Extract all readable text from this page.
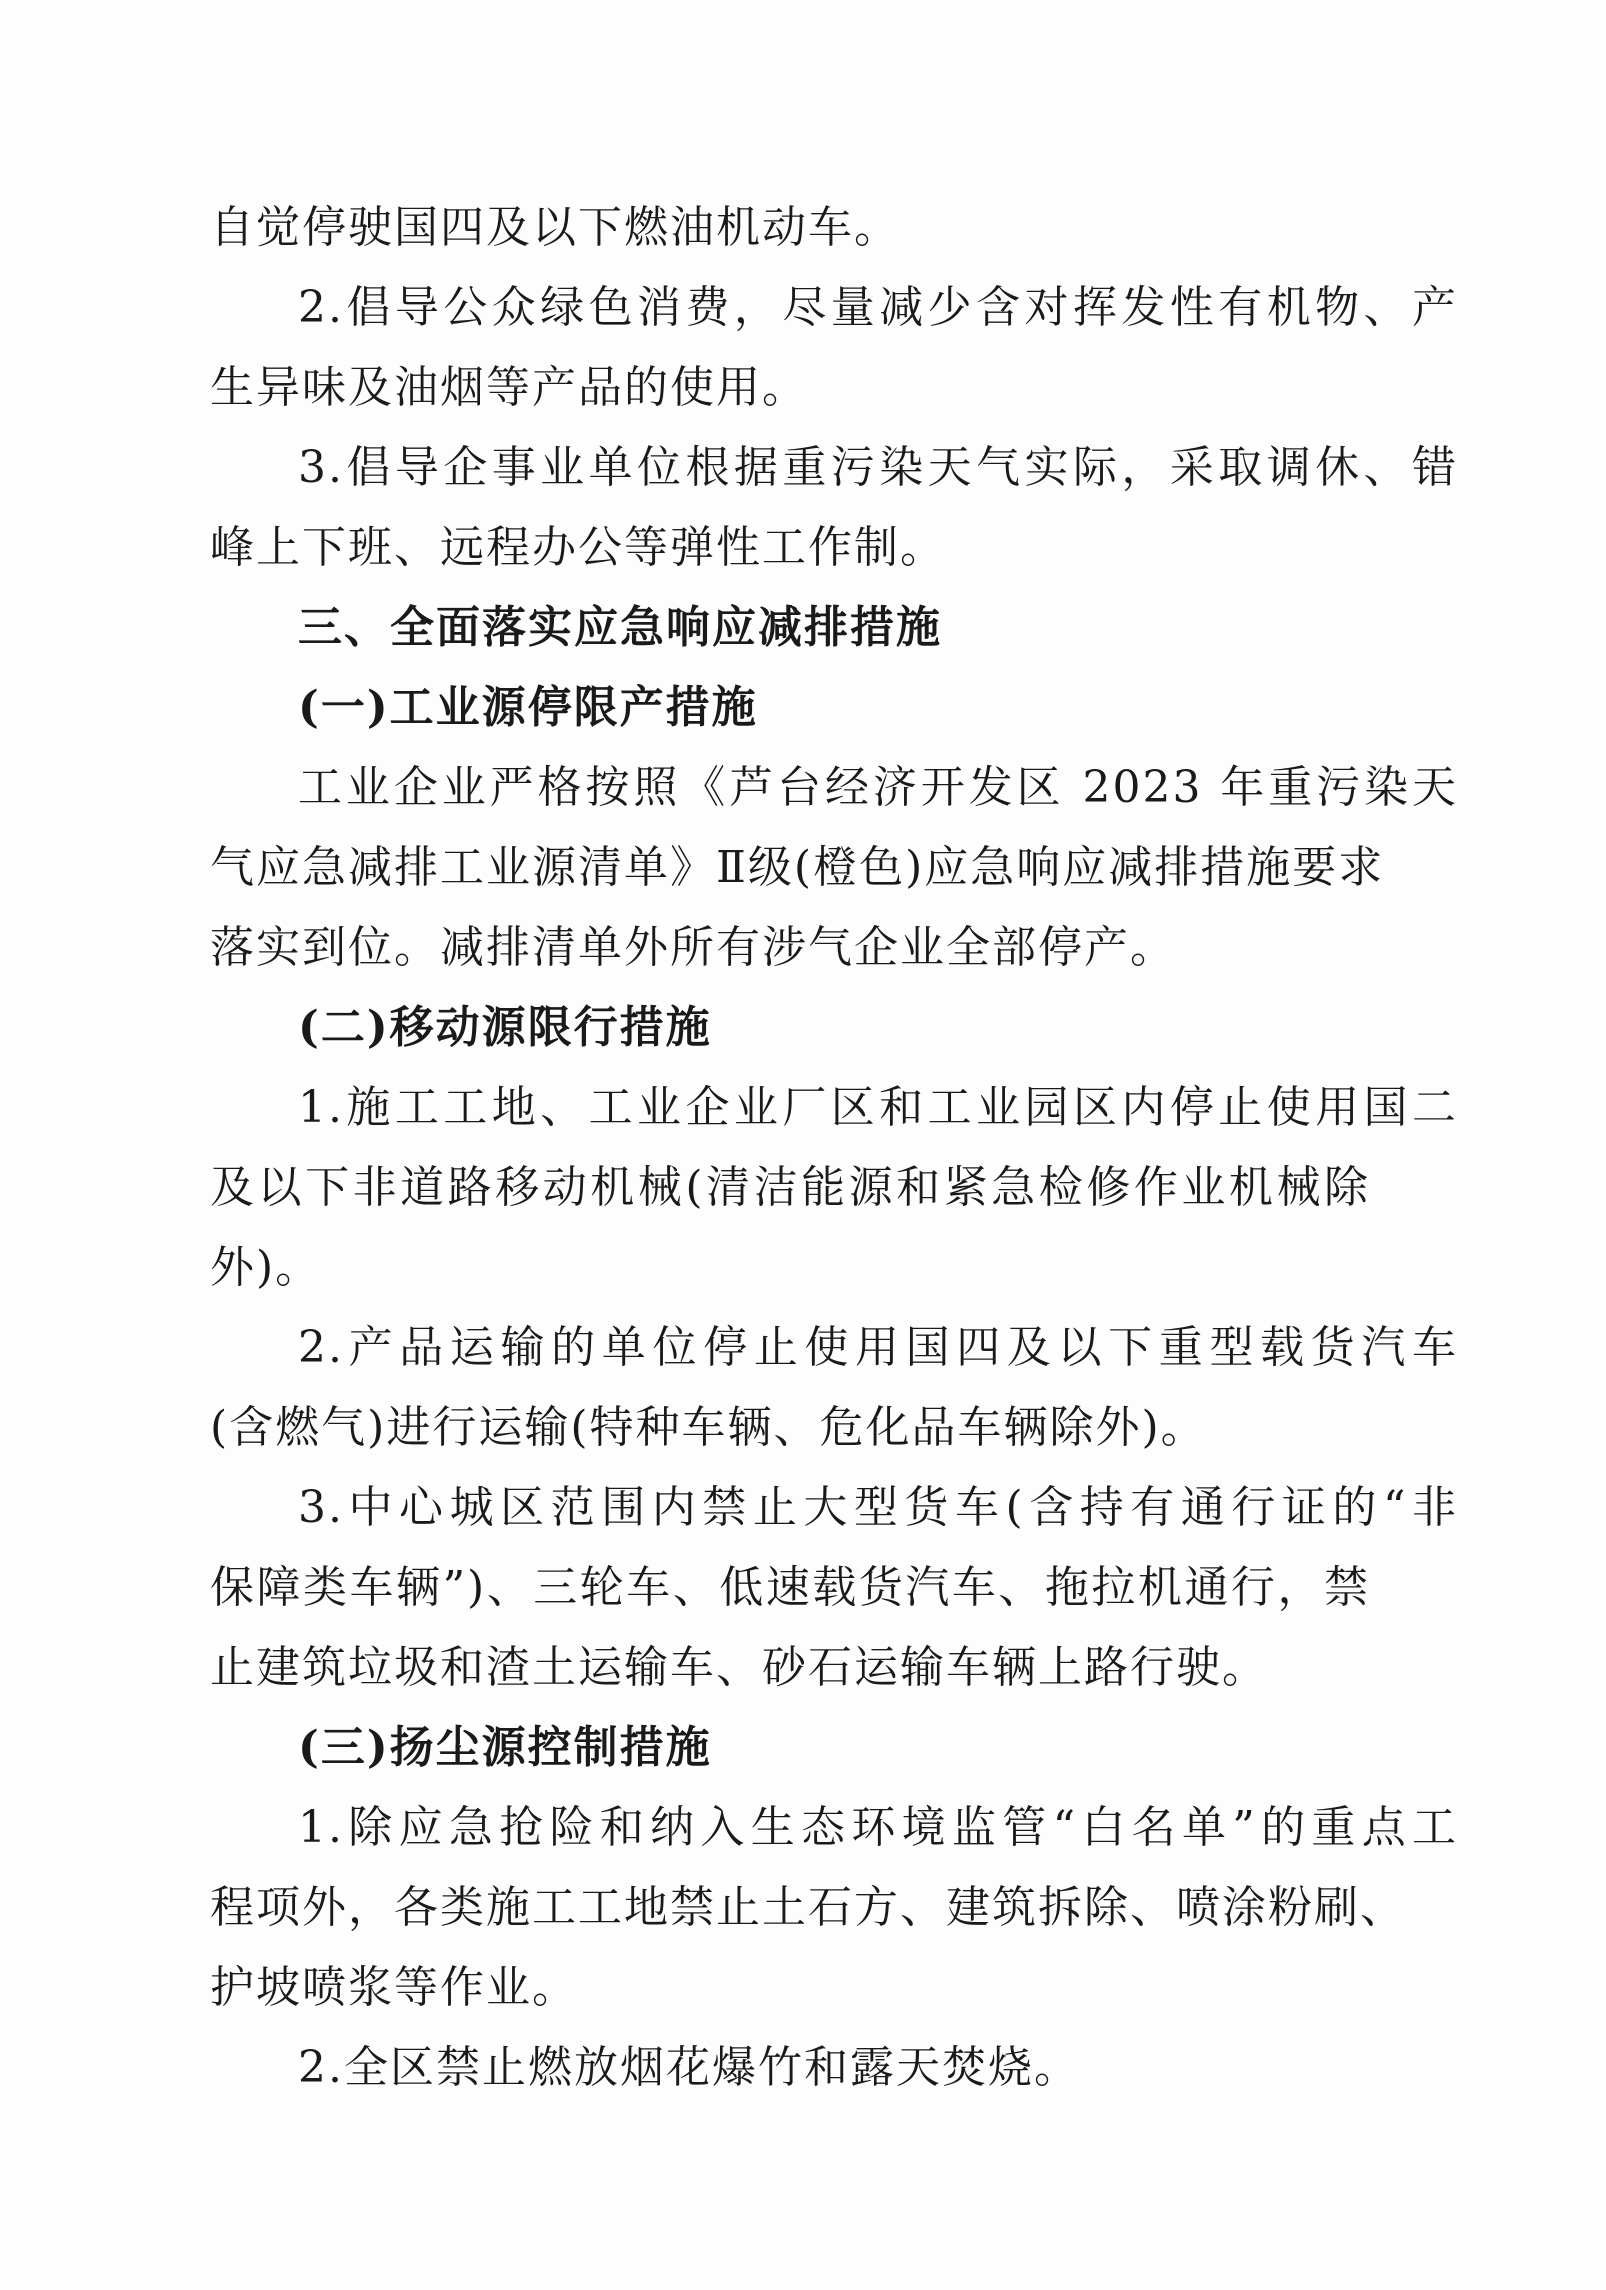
自觉停驶国四及以下燃油机动车。
2.倡导公众绿色消费，尽量减少含对挥发性有机物、产
生异味及油烟等产品的使用。
3.倡导企事业单位根据重污染天气实际，采取调休、错
峰上下班、远程办公等弹性工作制。
三、全面落实应急响应减排措施
(一)工业源停限产措施
工业企业严格按照《芦台经济开发区 2023 年重污染天
气应急减排工业源清单》Ⅱ级(橙色)应急响应减排措施要求
落实到位。减排清单外所有涉气企业全部停产。
(二)移动源限行措施
1.施工工地、工业企业厂区和工业园区内停止使用国二
及以下非道路移动机械(清洁能源和紧急检修作业机械除
外)。
2.产品运输的单位停止使用国四及以下重型载货汽车
(含燃气)进行运输(特种车辆、危化品车辆除外)。
3.中心城区范围内禁止大型货车(含持有通行证的“非
保障类车辆”)、三轮车、低速载货汽车、拖拉机通行，禁
止建筑垃圾和渣土运输车、砂石运输车辆上路行驶。
(三)扬尘源控制措施
1.除应急抢险和纳入生态环境监管“白名单”的重点工
程项外，各类施工工地禁止土石方、建筑拆除、喷涂粉刷、
护坡喷浆等作业。
2.全区禁止燃放烟花爆竹和露天焚烧。
